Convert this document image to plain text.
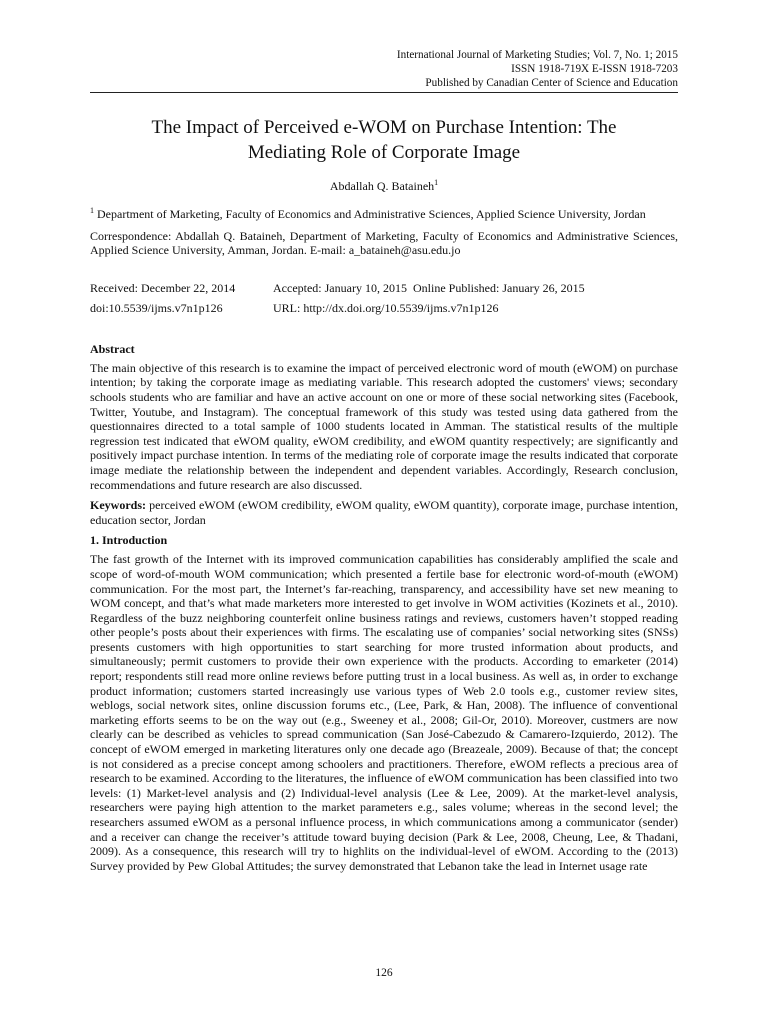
International Journal of Marketing Studies; Vol. 7, No. 1; 2015
ISSN 1918-719X E-ISSN 1918-7203
Published by Canadian Center of Science and Education
The Impact of Perceived e-WOM on Purchase Intention: The
Mediating Role of Corporate Image
Abdallah Q. Bataineh$^1$
$^1$ Department of Marketing, Faculty of Economics and Administrative Sciences, Applied Science University, Jordan
Correspondence: Abdallah Q. Bataineh, Department of Marketing, Faculty of Economics and Administrative Sciences, Applied Science University, Amman, Jordan. E-mail: a_bataineh@asu.edu.jo
Received: December 22, 2014	Accepted: January 10, 2015 Online Published: January 26, 2015
doi:10.5539/ijms.v7n1p126	URL: http://dx.doi.org/10.5539/ijms.v7n1p126
Abstract
The main objective of this research is to examine the impact of perceived electronic word of mouth (eWOM) on purchase intention; by taking the corporate image as mediating variable. This research adopted the customers' views; secondary schools students who are familiar and have an active account on one or more of these social networking sites (Facebook, Twitter, Youtube, and Instagram). The conceptual framework of this study was tested using data gathered from the questionnaires directed to a total sample of 1000 students located in Amman. The statistical results of the multiple regression test indicated that eWOM quality, eWOM credibility, and eWOM quantity respectively; are significantly and positively impact purchase intention. In terms of the mediating role of corporate image the results indicated that corporate image mediate the relationship between the independent and dependent variables. Accordingly, Research conclusion, recommendations and future research are also discussed.
Keywords: perceived eWOM (eWOM credibility, eWOM quality, eWOM quantity), corporate image, purchase intention, education sector, Jordan
1. Introduction
The fast growth of the Internet with its improved communication capabilities has considerably amplified the scale and scope of word-of-mouth WOM communication; which presented a fertile base for electronic word-of-mouth (eWOM) communication. For the most part, the Internet’s far-reaching, transparency, and accessibility have set new meaning to WOM concept, and that’s what made marketers more interested to get involve in WOM activities (Kozinets et al., 2010). Regardless of the buzz neighboring counterfeit online business ratings and reviews, customers haven’t stopped reading other people’s posts about their experiences with firms. The escalating use of companies’ social networking sites (SNSs) presents customers with high opportunities to start searching for more trusted information about products, and simultaneously; permit customers to provide their own experience with the products. According to emarketer (2014) report; respondents still read more online reviews before putting trust in a local business. As well as, in order to exchange product information; customers started increasingly use various types of Web 2.0 tools e.g., customer review sites, weblogs, social network sites, online discussion forums etc., (Lee, Park, & Han, 2008). The influence of conventional marketing efforts seems to be on the way out (e.g., Sweeney et al., 2008; Gil-Or, 2010). Moreover, custmers are now clearly can be described as vehicles to spread communication (San José-Cabezudo & Camarero-Izquierdo, 2012). The concept of eWOM emerged in marketing literatures only one decade ago (Breazeale, 2009). Because of that; the concept is not considered as a precise concept among schoolers and practitioners. Therefore, eWOM reflects a precious area of research to be examined. According to the literatures, the influence of eWOM communication has been classified into two levels: (1) Market-level analysis and (2) Individual-level analysis (Lee & Lee, 2009). At the market-level analysis, researchers were paying high attention to the market parameters e.g., sales volume; whereas in the second level; the researchers assumed eWOM as a personal influence process, in which communications among a communicator (sender) and a receiver can change the receiver’s attitude toward buying decision (Park & Lee, 2008, Cheung, Lee, & Thadani, 2009). As a consequence, this research will try to highlits on the individual-level of eWOM. According to the (2013) Survey provided by Pew Global Attitudes; the survey demonstrated that Lebanon take the lead in Internet usage rate
126
